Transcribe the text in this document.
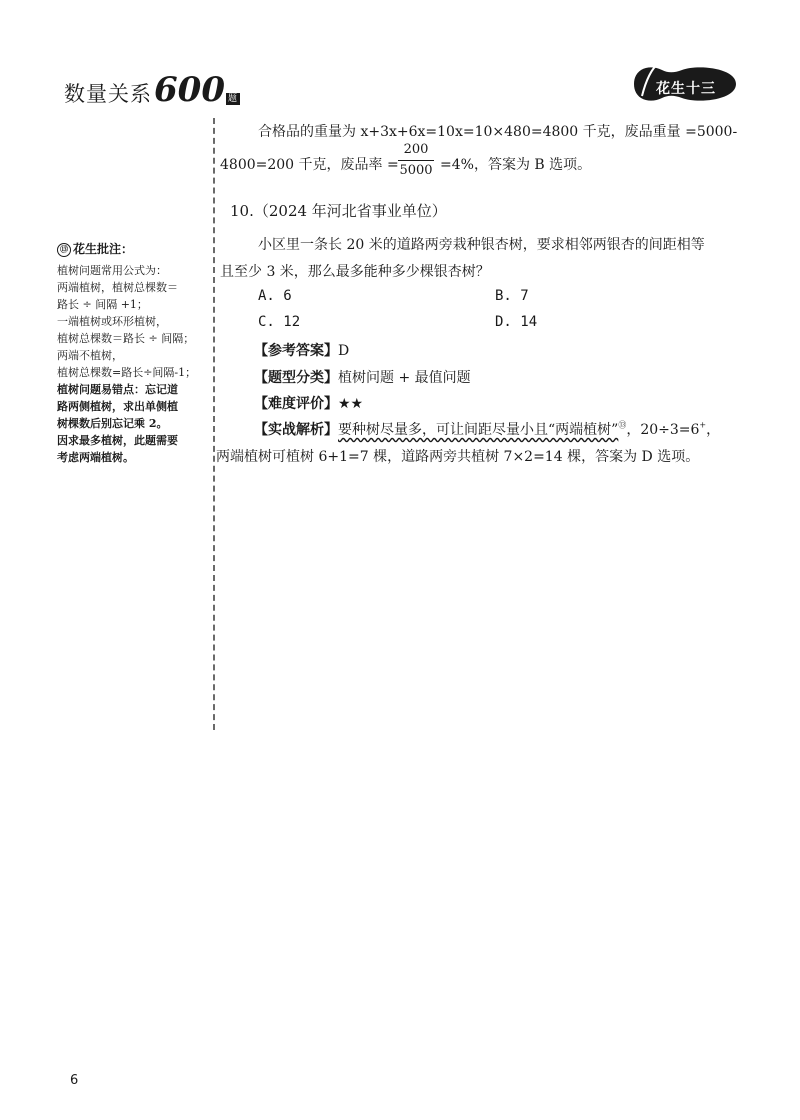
数量关系600 题
花生十三
合格品的重量为 x+3x+6x=10x=10×480=4800 千克，废品重量 =5000-
4800=200 千克，废品率 =
200
5000 =4%，答案为 B 选项。
10.（2024 年河北省事业单位）
小区里一条长 20 米的道路两旁栽种银杏树，要求相邻两银杏的间距相等
且至少 3 米，那么最多能种多少棵银杏树？
A. 6	B. 7
C. 12	D. 14
【参考答案】D
【题型分类】植树问题 + 最值问题
【难度评价】★★
【实战解析】要种树尽量多，可让间距尽量小且“两端植树”⑬，20÷3=6+，
两端植树可植树 6+1=7 棵，道路两旁共植树 7×2=14 棵，答案为 D 选项。
⑬ 花生批注：
植树问题常用公式为：
两端植树，植树总棵数＝
路长 ÷ 间隔 +1；
一端植树或环形植树，
植树总棵数＝路长 ÷ 间隔；
两端不植树，
植树总棵数=路长÷间隔-1；
植树问题易错点：忘记道
路两侧植树，求出单侧植
树棵数后别忘记乘 2。
因求最多植树，此题需要
考虑两端植树。
6
